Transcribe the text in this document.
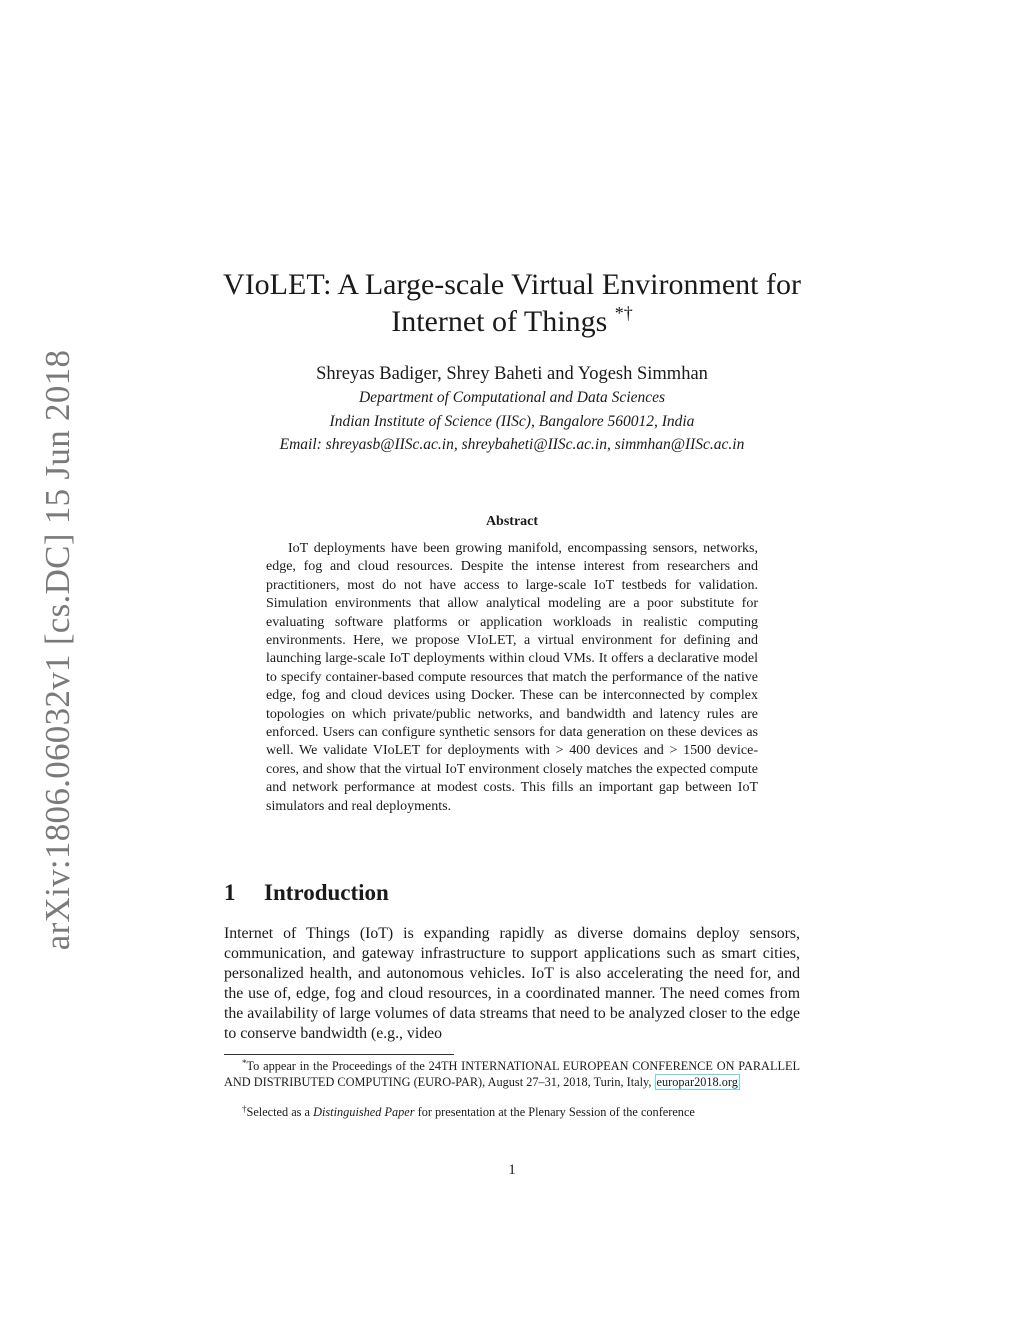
arXiv:1806.06032v1 [cs.DC] 15 Jun 2018
VIoLET: A Large-scale Virtual Environment for
Internet of Things *†
Shreyas Badiger, Shrey Baheti and Yogesh Simmhan
Department of Computational and Data Sciences
Indian Institute of Science (IISc), Bangalore 560012, India
Email: shreyasb@IISc.ac.in, shreybaheti@IISc.ac.in, simmhan@IISc.ac.in
Abstract

IoT deployments have been growing manifold, encompassing sensors, networks, edge, fog and cloud resources. Despite the intense interest from researchers and practitioners, most do not have access to large-scale IoT testbeds for validation. Simulation environments that allow analytical modeling are a poor substitute for evaluating software platforms or application workloads in realistic computing environments. Here, we propose VIoLET, a virtual environment for defining and launching large-scale IoT deployments within cloud VMs. It offers a declarative model to specify container-based compute resources that match the performance of the native edge, fog and cloud devices using Docker. These can be interconnected by complex topologies on which private/public networks, and bandwidth and latency rules are enforced. Users can configure synthetic sensors for data generation on these devices as well. We validate VIoLET for deployments with > 400 devices and > 1500 device-cores, and show that the virtual IoT environment closely matches the expected compute and network performance at modest costs. This fills an important gap between IoT simulators and real deployments.

1 Introduction

Internet of Things (IoT) is expanding rapidly as diverse domains deploy sensors, communication, and gateway infrastructure to support applications such as smart cities, personalized health, and autonomous vehicles. IoT is also accelerating the need for, and the use of, edge, fog and cloud resources, in a coordinated manner. The need comes from the availability of large volumes of data streams that need to be analyzed closer to the edge to conserve bandwidth (e.g., video

*To appear in the Proceedings of the 24TH INTERNATIONAL EUROPEAN CONFERENCE ON PARALLEL AND DISTRIBUTED COMPUTING (EURO-PAR), August 27–31, 2018, Turin, Italy, europar2018.org

†Selected as a Distinguished Paper for presentation at the Plenary Session of the conference

1
